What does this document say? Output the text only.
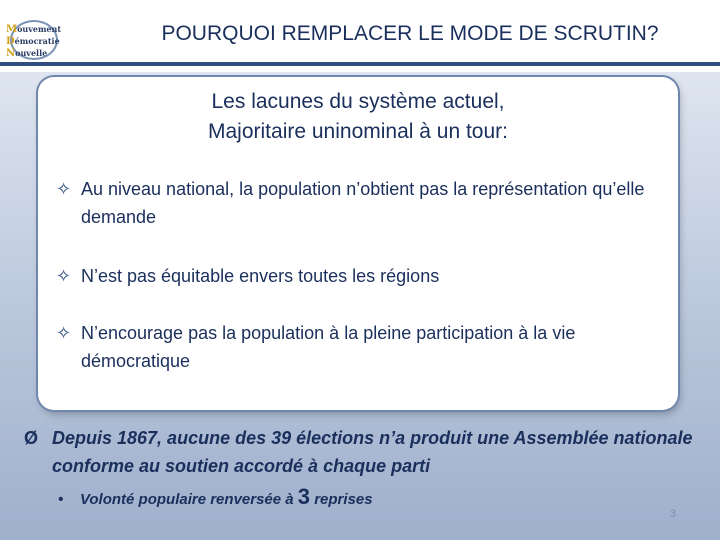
Mouvement
Démocratie
Nouvelle
POURQUOI REMPLACER LE MODE DE SCRUTIN?
Les lacunes du système actuel,
Majoritaire uninominal à un tour:
✧ Au niveau national, la population n’obtient pas la représentation qu’elle demande
✧ N’est pas équitable envers toutes les régions
✧ N’encourage pas la population à la pleine participation à la vie démocratique
Ø Depuis 1867, aucune des 39 élections n’a produit une Assemblée nationale conforme au soutien accordé à chaque parti
• Volonté populaire renversée à 3 reprises
3
